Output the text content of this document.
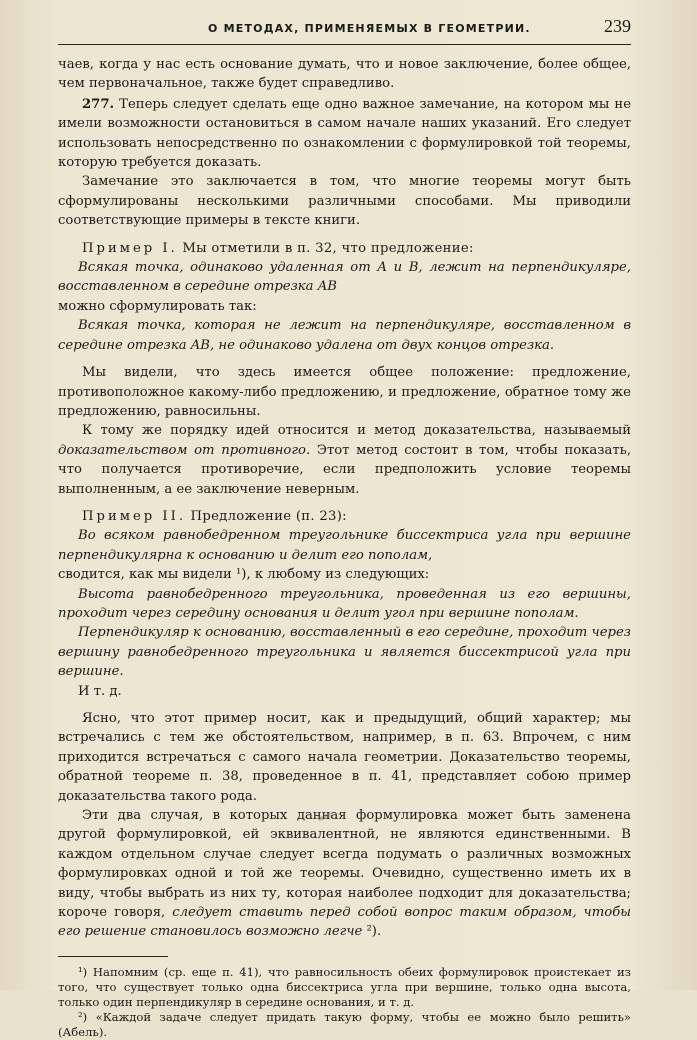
О МЕТОДАХ, ПРИМЕНЯЕМЫХ В ГЕОМЕТРИИ.	239

чаев, когда у нас есть основание думать, что и новое заключение, более общее, чем первоначальное, также будет справедливо.

277. Теперь следует сделать еще одно важное замечание, на котором мы не имели возможности остановиться в самом начале наших указаний. Его следует использовать непосредственно по ознакомлении с формулировкой той теоремы, которую требуется доказать.

Замечание это заключается в том, что многие теоремы могут быть сформулированы несколькими различными способами. Мы приводили соответствующие примеры в тексте книги.

Пример I. Мы отметили в п. 32, что предложение:

Всякая точка, одинаково удаленная от A и B, лежит на перпендикуляре, восставленном в середине отрезка AB

можно сформулировать так:

Всякая точка, которая не лежит на перпендикуляре, восставленном в середине отрезка AB, не одинаково удалена от двух концов отрезка.

Мы видели, что здесь имеется общее положение: предложение, противоположное какому-либо предложению, и предложение, обратное тому же предложению, равносильны.

К тому же порядку идей относится и метод доказательства, называемый доказательством от противного. Этот метод состоит в том, чтобы показать, что получается противоречие, если предположить условие теоремы выполненным, а ее заключение неверным.

Пример II. Предложение (п. 23):

Во всяком равнобедренном треугольнике биссектриса угла при вершине перпендикулярна к основанию и делит его пополам,

сводится, как мы видели ¹), к любому из следующих:

Высота равнобедренного треугольника, проведенная из его вершины, проходит через середину основания и делит угол при вершине пополам.

Перпендикуляр к основанию, восставленный в его середине, проходит через вершину равнобедренного треугольника и является биссектрисой угла при вершине.

И т. д.

Ясно, что этот пример носит, как и предыдущий, общий характер; мы встречались с тем же обстоятельством, например, в п. 63. Впрочем, с ним приходится встречаться с самого начала геометрии. Доказательство теоремы, обратной теореме п. 38, проведенное в п. 41, представляет собою пример доказательства такого рода.

Эти два случая, в которых данная формулировка может быть заменена другой формулировкой, ей эквивалентной, не являются единственными. В каждом отдельном случае следует всегда подумать о различных возможных формулировках одной и той же теоремы. Очевидно, существенно иметь их в виду, чтобы выбрать из них ту, которая наиболее подходит для доказательства; короче говоря, следует ставить перед собой вопрос таким образом, чтобы его решение становилось возможно легче ²).

¹) Напомним (ср. еще п. 41), что равносильность обеих формулировок проистекает из того, что существует только одна биссектриса угла при вершине, только одна высота, только один перпендикуляр в середине основания, и т. д.

²) «Каждой задаче следует придать такую форму, чтобы ее можно было решить» (Абель).
